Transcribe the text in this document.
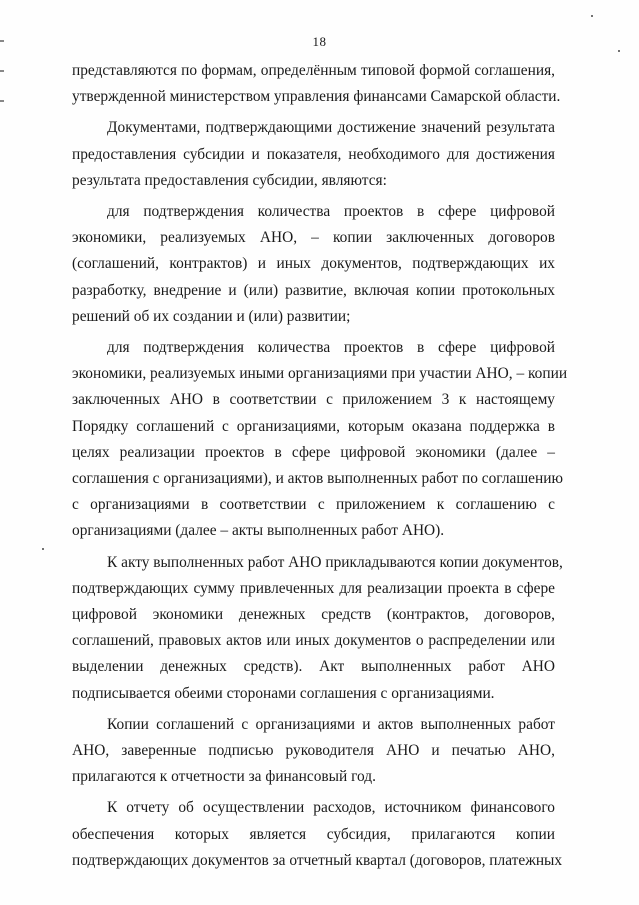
18

представляются по формам, определённым типовой формой соглашения,
утвержденной министерством управления финансами Самарской области.

Документами, подтверждающими достижение значений результата
предоставления субсидии и показателя, необходимого для достижения
результата предоставления субсидии, являются:

для подтверждения количества проектов в сфере цифровой
экономики, реализуемых АНО, – копии заключенных договоров
(соглашений, контрактов) и иных документов, подтверждающих их
разработку, внедрение и (или) развитие, включая копии протокольных
решений об их создании и (или) развитии;

для подтверждения количества проектов в сфере цифровой
экономики, реализуемых иными организациями при участии АНО, – копии
заключенных АНО в соответствии с приложением 3 к настоящему
Порядку соглашений с организациями, которым оказана поддержка в
целях реализации проектов в сфере цифровой экономики (далее –
соглашения с организациями), и актов выполненных работ по соглашению
с организациями в соответствии с приложением к соглашению с
организациями (далее – акты выполненных работ АНО).

К акту выполненных работ АНО прикладываются копии документов,
подтверждающих сумму привлеченных для реализации проекта в сфере
цифровой экономики денежных средств (контрактов, договоров,
соглашений, правовых актов или иных документов о распределении или
выделении денежных средств). Акт выполненных работ АНО
подписывается обеими сторонами соглашения с организациями.

Копии соглашений с организациями и актов выполненных работ
АНО, заверенные подписью руководителя АНО и печатью АНО,
прилагаются к отчетности за финансовый год.

К отчету об осуществлении расходов, источником финансового
обеспечения которых является субсидия, прилагаются копии
подтверждающих документов за отчетный квартал (договоров, платежных
